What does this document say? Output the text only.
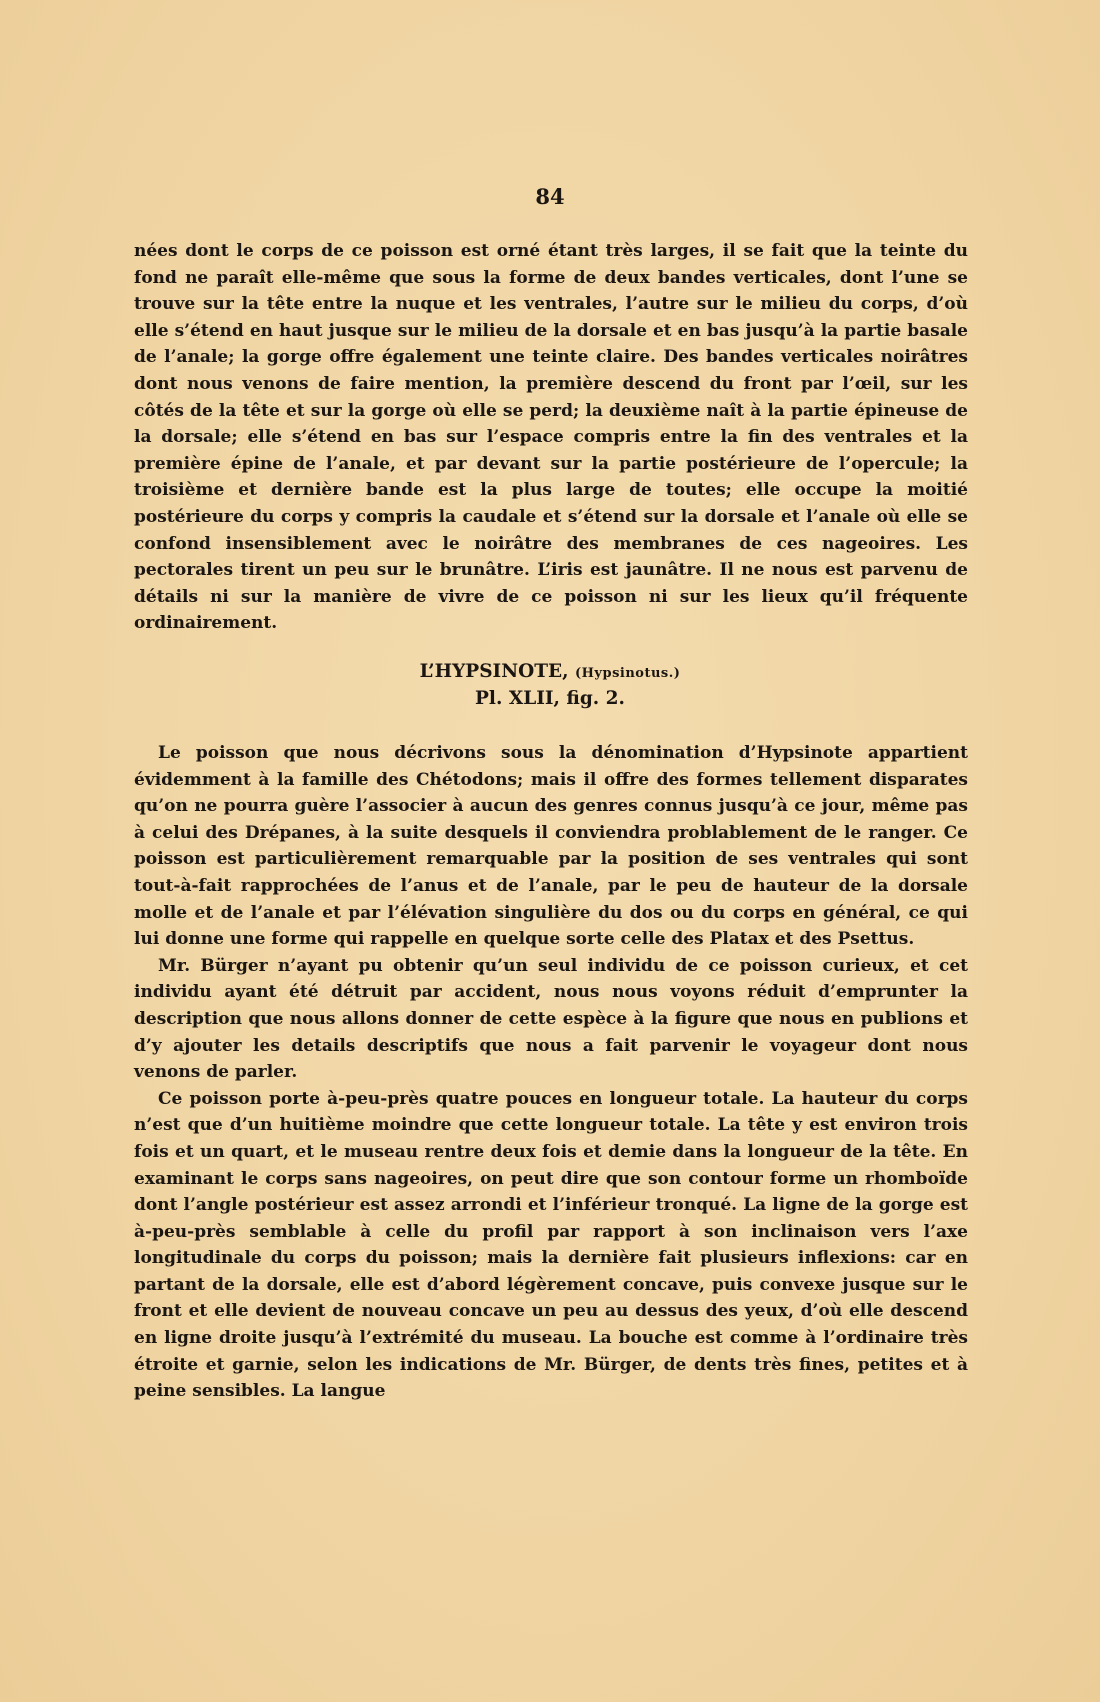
84

nées dont le corps de ce poisson est orné étant très larges, il se fait que la teinte du fond ne paraît elle-même que sous la forme de deux bandes verticales, dont l’une se trouve sur la tête entre la nuque et les ventrales, l’autre sur le milieu du corps, d’où elle s’étend en haut jusque sur le milieu de la dorsale et en bas jusqu’à la partie basale de l’anale; la gorge offre également une teinte claire. Des bandes verticales noirâtres dont nous venons de faire mention, la première descend du front par l’œil, sur les côtés de la tête et sur la gorge où elle se perd; la deuxième naît à la partie épineuse de la dorsale; elle s’étend en bas sur l’espace compris entre la fin des ventrales et la première épine de l’anale, et par devant sur la partie postérieure de l’opercule; la troisième et dernière bande est la plus large de toutes; elle occupe la moitié postérieure du corps y compris la caudale et s’étend sur la dorsale et l’anale où elle se confond insensiblement avec le noirâtre des membranes de ces nageoires. Les pectorales tirent un peu sur le brunâtre. L’iris est jaunâtre. Il ne nous est parvenu de détails ni sur la manière de vivre de ce poisson ni sur les lieux qu’il fréquente ordinairement.

L’HYPSINOTE, (Hypsinotus.)
Pl. XLII, fig. 2.

Le poisson que nous décrivons sous la dénomination d’Hypsinote appartient évidemment à la famille des Chétodons; mais il offre des formes tellement disparates qu’on ne pourra guère l’associer à aucun des genres connus jusqu’à ce jour, même pas à celui des Drépanes, à la suite desquels il conviendra problablement de le ranger. Ce poisson est particulièrement remarquable par la position de ses ventrales qui sont tout-à-fait rapprochées de l’anus et de l’anale, par le peu de hauteur de la dorsale molle et de l’anale et par l’élévation singulière du dos ou du corps en général, ce qui lui donne une forme qui rappelle en quelque sorte celle des Platax et des Psettus.

Mr. Bürger n’ayant pu obtenir qu’un seul individu de ce poisson curieux, et cet individu ayant été détruit par accident, nous nous voyons réduit d’emprunter la description que nous allons donner de cette espèce à la figure que nous en publions et d’y ajouter les details descriptifs que nous a fait parvenir le voyageur dont nous venons de parler.

Ce poisson porte à-peu-près quatre pouces en longueur totale. La hauteur du corps n’est que d’un huitième moindre que cette longueur totale. La tête y est environ trois fois et un quart, et le museau rentre deux fois et demie dans la longueur de la tête. En examinant le corps sans nageoires, on peut dire que son contour forme un rhomboïde dont l’angle postérieur est assez arrondi et l’inférieur tronqué. La ligne de la gorge est à-peu-près semblable à celle du profil par rapport à son inclinaison vers l’axe longitudinale du corps du poisson; mais la dernière fait plusieurs inflexions: car en partant de la dorsale, elle est d’abord légèrement concave, puis convexe jusque sur le front et elle devient de nouveau concave un peu au dessus des yeux, d’où elle descend en ligne droite jusqu’à l’extrémité du museau. La bouche est comme à l’ordinaire très étroite et garnie, selon les indications de Mr. Bürger, de dents très fines, petites et à peine sensibles. La langue
